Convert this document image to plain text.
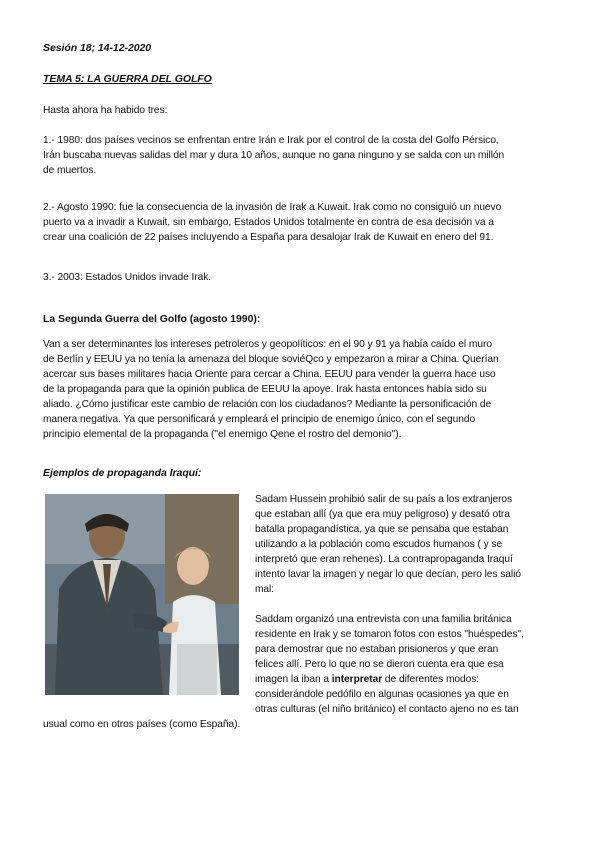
Sesión 18; 14-12-2020
TEMA 5: LA GUERRA DEL GOLFO
Hasta ahora ha habido tres:
1.- 1980: dos países vecinos se enfrentan entre Irán e Irak por el control de la costa del Golfo Pérsico,
Irán buscaba nuevas salidas del mar y dura 10 años, aunque no gana ninguno y se salda con un millón
de muertos.
2.- Agosto 1990: fue la consecuencia de la invasión de Irak a Kuwait. Irak como no consiguió un nuevo
puerto va a invadir a Kuwait, sin embargo, Estados Unidos totalmente en contra de esa decisión va a
crear una coalición de 22 países incluyendo a España para desalojar Irak de Kuwait en enero del 91.
3.- 2003: Estados Unidos invade Irak.
La Segunda Guerra del Golfo (agosto 1990):
Van a ser determinantes los intereses petroleros y geopolíticos: en el 90 y 91 ya había caído el muro
de Berlín y EEUU ya no tenía la amenaza del bloque soviéQco y empezaron a mirar a China. Querían
acercar sus bases militares hacia Oriente para cercar a China. EEUU para vender la guerra hace uso
de la propaganda para que la opinión publica de EEUU la apoye. Irak hasta entonces había sido su
aliado. ¿Cómo justificar este cambio de relación con los ciudadanos? Mediante la personificación de
manera negativa. Ya que personificará y empleará el principio de enemigo único, con el segundo
principio elemental de la propaganda ("el enemigo Qene el rostro del demonio").
Ejemplos de propaganda Iraquí:
Sadam Hussein prohibió salir de su país a los extranjeros
que estaban allí (ya que era muy peligroso) y desató otra
batalla propagandística, ya que se pensaba que estaban
utilizando a la población como escudos humanos ( y se
interpretó que eran rehenes). La contrapropaganda Iraquí
intento lavar la imagen y negar lo que decían, pero les salió
mal:
Saddam organizó una entrevista con una familia británica
residente en Irak y se tomaron fotos con estos "huéspedes",
para demostrar que no estaban prisioneros y que eran
felices allí. Pero lo que no se dieron cuenta era que esa
imagen la iban a interpretar de diferentes modos:
considerándole pedófilo en algunas ocasiones ya que en
otras culturas (el niño británico) el contacto ajeno no es tan
usual como en otros países (como España).
